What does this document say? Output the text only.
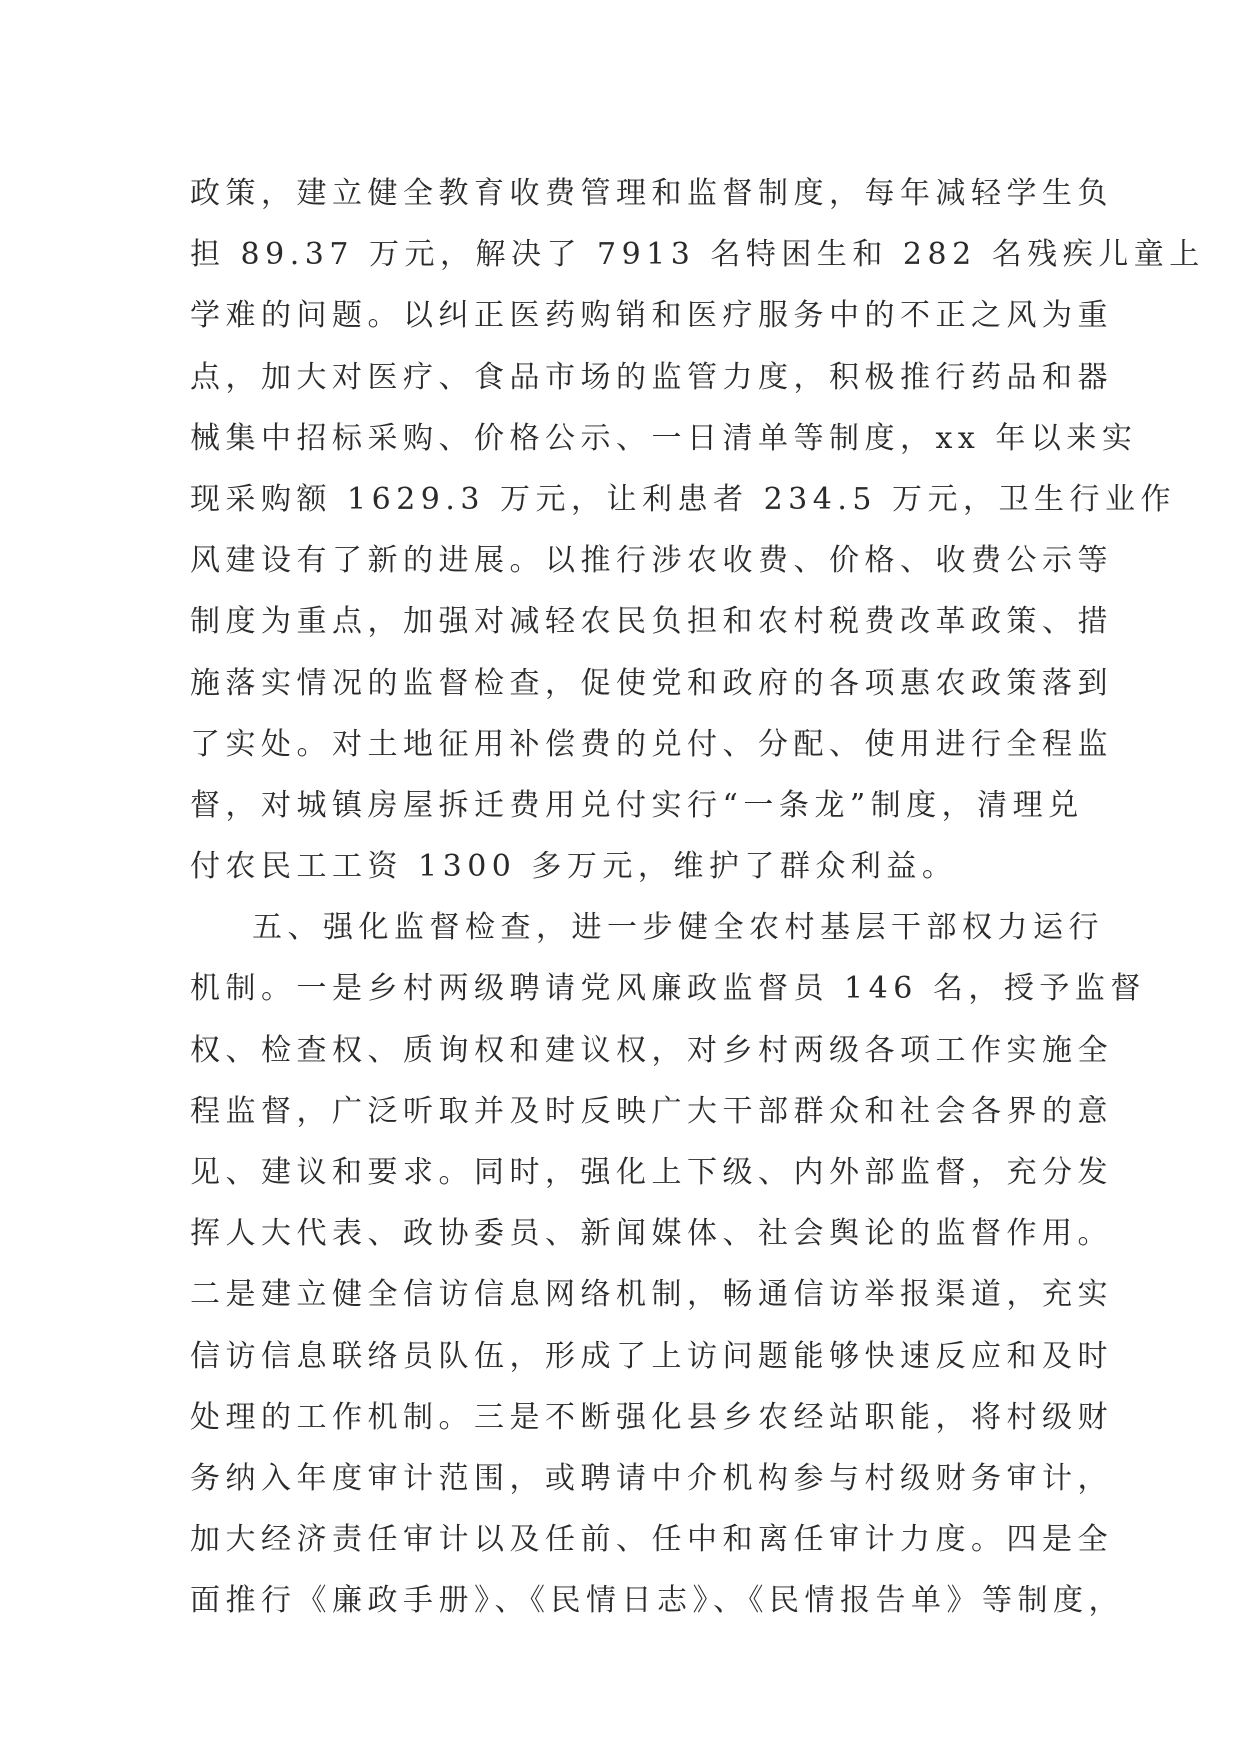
政策，建立健全教育收费管理和监督制度，每年减轻学生负
担 89.37 万元，解决了 7913 名特困生和 282 名残疾儿童上
学难的问题。以纠正医药购销和医疗服务中的不正之风为重
点，加大对医疗、食品市场的监管力度，积极推行药品和器
械集中招标采购、价格公示、一日清单等制度，xx 年以来实
现采购额 1629.3 万元，让利患者 234.5 万元，卫生行业作
风建设有了新的进展。以推行涉农收费、价格、收费公示等
制度为重点，加强对减轻农民负担和农村税费改革政策、措
施落实情况的监督检查，促使党和政府的各项惠农政策落到
了实处。对土地征用补偿费的兑付、分配、使用进行全程监
督，对城镇房屋拆迁费用兑付实行“一条龙”制度，清理兑
付农民工工资 1300 多万元，维护了群众利益。
五、强化监督检查，进一步健全农村基层干部权力运行
机制。一是乡村两级聘请党风廉政监督员 146 名，授予监督
权、检查权、质询权和建议权，对乡村两级各项工作实施全
程监督，广泛听取并及时反映广大干部群众和社会各界的意
见、建议和要求。同时，强化上下级、内外部监督，充分发
挥人大代表、政协委员、新闻媒体、社会舆论的监督作用。
二是建立健全信访信息网络机制，畅通信访举报渠道，充实
信访信息联络员队伍，形成了上访问题能够快速反应和及时
处理的工作机制。三是不断强化县乡农经站职能，将村级财
务纳入年度审计范围，或聘请中介机构参与村级财务审计，
加大经济责任审计以及任前、任中和离任审计力度。四是全
面推行《廉政手册》、《民情日志》、《民情报告单》等制度，
